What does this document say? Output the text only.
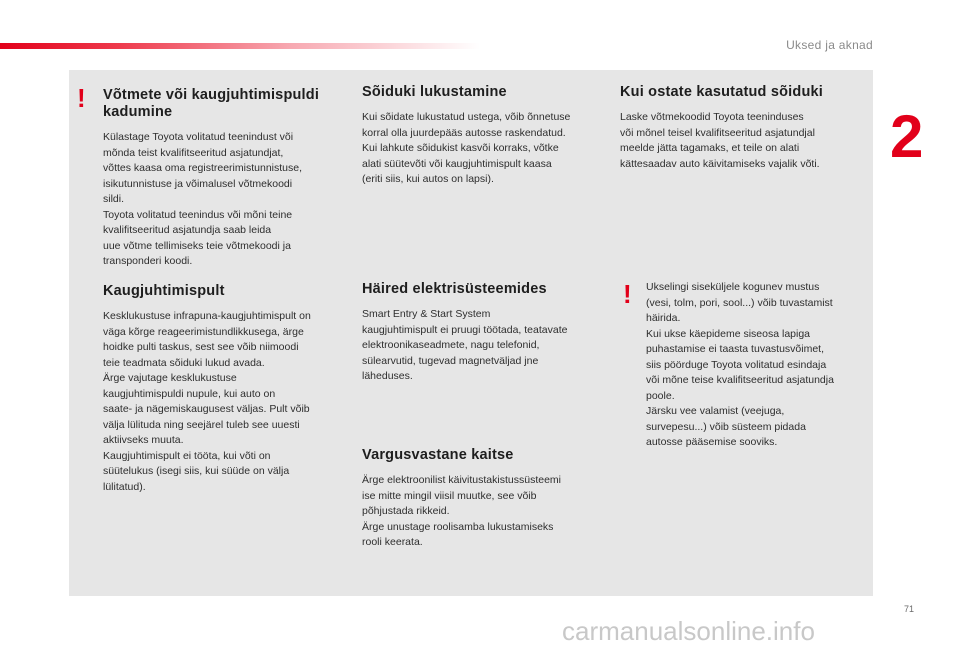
Uksed ja aknad
2
! Võtmete või kaugjuhtimispuldi kadumine

Külastage Toyota volitatud teenindust või
mõnda teist kvalifitseeritud asjatundjat,
võttes kaasa oma registreerimistunnistuse,
isikutunnistuse ja võimalusel võtmekoodi
sildi.
Toyota volitatud teenindus või mõni teine
kvalifitseeritud asjatundja saab leida
uue võtme tellimiseks teie võtmekoodi ja
transponderi koodi.

Kaugjuhtimispult

Kesklukustuse infrapuna-kaugjuhtimispult on
väga kõrge reageerimistundlikkusega, ärge
hoidke pulti taskus, sest see võib niimoodi
teie teadmata sõiduki lukud avada.
Ärge vajutage kesklukustuse
kaugjuhtimispuldi nupule, kui auto on
saate- ja nägemiskaugusest väljas. Pult võib
välja lülituda ning seejärel tuleb see uuesti
aktiivseks muuta.
Kaugjuhtimispult ei tööta, kui võti on
süütelukus (isegi siis, kui süüde on välja
lülitatud).

Sõiduki lukustamine

Kui sõidate lukustatud ustega, võib õnnetuse
korral olla juurdepääs autosse raskendatud.
Kui lahkute sõidukist kasvõi korraks, võtke
alati süütevõti või kaugjuhtimispult kaasa
(eriti siis, kui autos on lapsi).

Häired elektrisüsteemides

Smart Entry & Start System
kaugjuhtimispult ei pruugi töötada, teatavate
elektroonikaseadmete, nagu telefonid,
sülearvutid, tugevad magnetväljad jne
läheduses.

Vargusvastane kaitse

Ärge elektroonilist käivitustakistussüsteemi
ise mitte mingil viisil muutke, see võib
põhjustada rikkeid.
Ärge unustage roolisamba lukustamiseks
rooli keerata.

Kui ostate kasutatud sõiduki

Laske võtmekoodid Toyota teeninduses
või mõnel teisel kvalifitseeritud asjatundjal
meelde jätta tagamaks, et teile on alati
kättesaadav auto käivitamiseks vajalik võti.

! Ukselingi siseküljele kogunev mustus
(vesi, tolm, pori, sool...) võib tuvastamist
häirida.
Kui ukse käepideme siseosa lapiga
puhastamise ei taasta tuvastusvõimet,
siis pöörduge Toyota volitatud esindaja
või mõne teise kvalifitseeritud asjatundja
poole.
Järsku vee valamist (veejuga,
survepesu...) võib süsteem pidada
autosse pääsemise sooviks.

71
carmanualsonline.info
